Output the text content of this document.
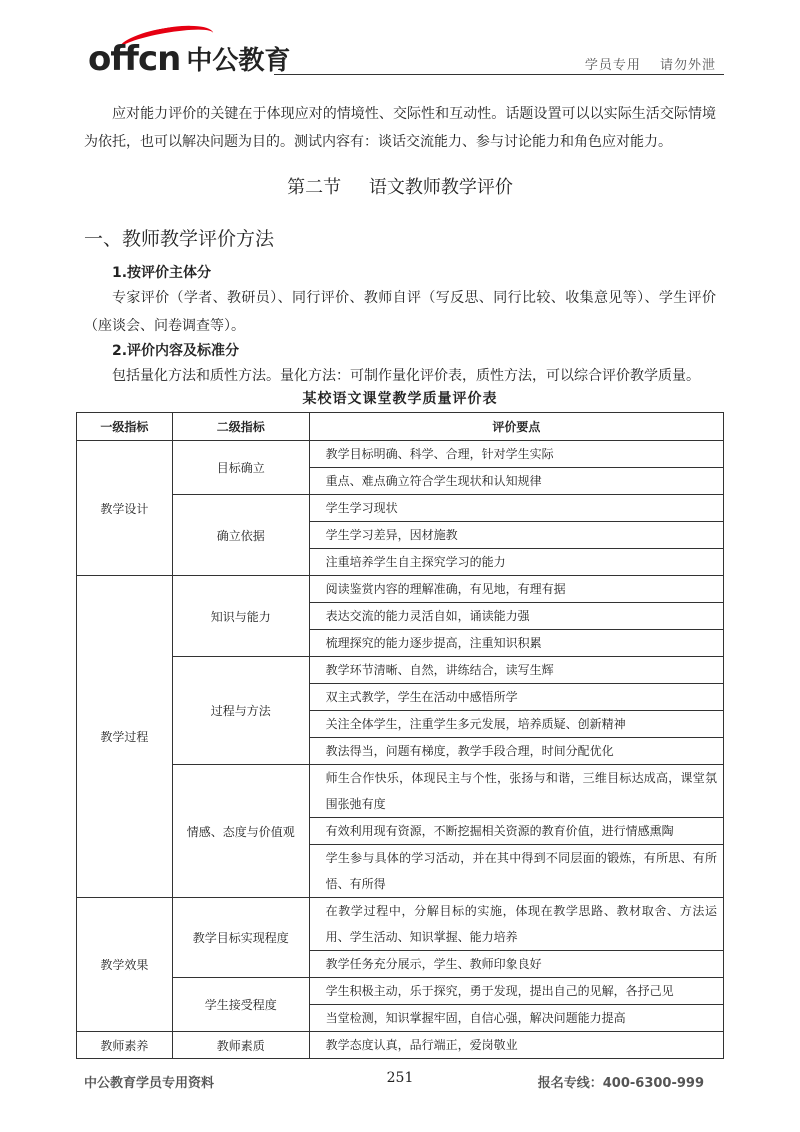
offcn 中公教育	学员专用 请勿外泄
应对能力评价的关键在于体现应对的情境性、交际性和互动性。话题设置可以以实际生活交际情境为依托，也可以解决问题为目的。测试内容有：谈话交流能力、参与讨论能力和角色应对能力。
第二节 语文教师教学评价
一、教师教学评价方法
1.按评价主体分
专家评价（学者、教研员）、同行评价、教师自评（写反思、同行比较、收集意见等）、学生评价（座谈会、问卷调查等）。
2.评价内容及标准分
包括量化方法和质性方法。量化方法：可制作量化评价表，质性方法，可以综合评价教学质量。
某校语文课堂教学质量评价表
一级指标	二级指标	评价要点
教学设计	目标确立	教学目标明确、科学、合理，针对学生实际
		重点、难点确立符合学生现状和认知规律
	确立依据	学生学习现状
		学生学习差异，因材施教
		注重培养学生自主探究学习的能力
教学过程	知识与能力	阅读鉴赏内容的理解准确，有见地，有理有据
		表达交流的能力灵活自如，诵读能力强
		梳理探究的能力逐步提高，注重知识积累
	过程与方法	教学环节清晰、自然，讲练结合，读写生辉
		双主式教学，学生在活动中感悟所学
		关注全体学生，注重学生多元发展，培养质疑、创新精神
		教法得当，问题有梯度，教学手段合理，时间分配优化
	情感、态度与价值观	师生合作快乐，体现民主与个性，张扬与和谐，三维目标达成高，课堂氛围张弛有度
		有效利用现有资源，不断挖掘相关资源的教育价值，进行情感熏陶
		学生参与具体的学习活动，并在其中得到不同层面的锻炼，有所思、有所悟、有所得
教学效果	教学目标实现程度	在教学过程中，分解目标的实施，体现在教学思路、教材取舍、方法运用、学生活动、知识掌握、能力培养
		教学任务充分展示，学生、教师印象良好
	学生接受程度	学生积极主动，乐于探究，勇于发现，提出自己的见解，各抒己见
		当堂检测，知识掌握牢固，自信心强，解决问题能力提高
教师素养	教师素质	教学态度认真，品行端正，爱岗敬业
中公教育学员专用资料	251	报名专线：400-6300-999
